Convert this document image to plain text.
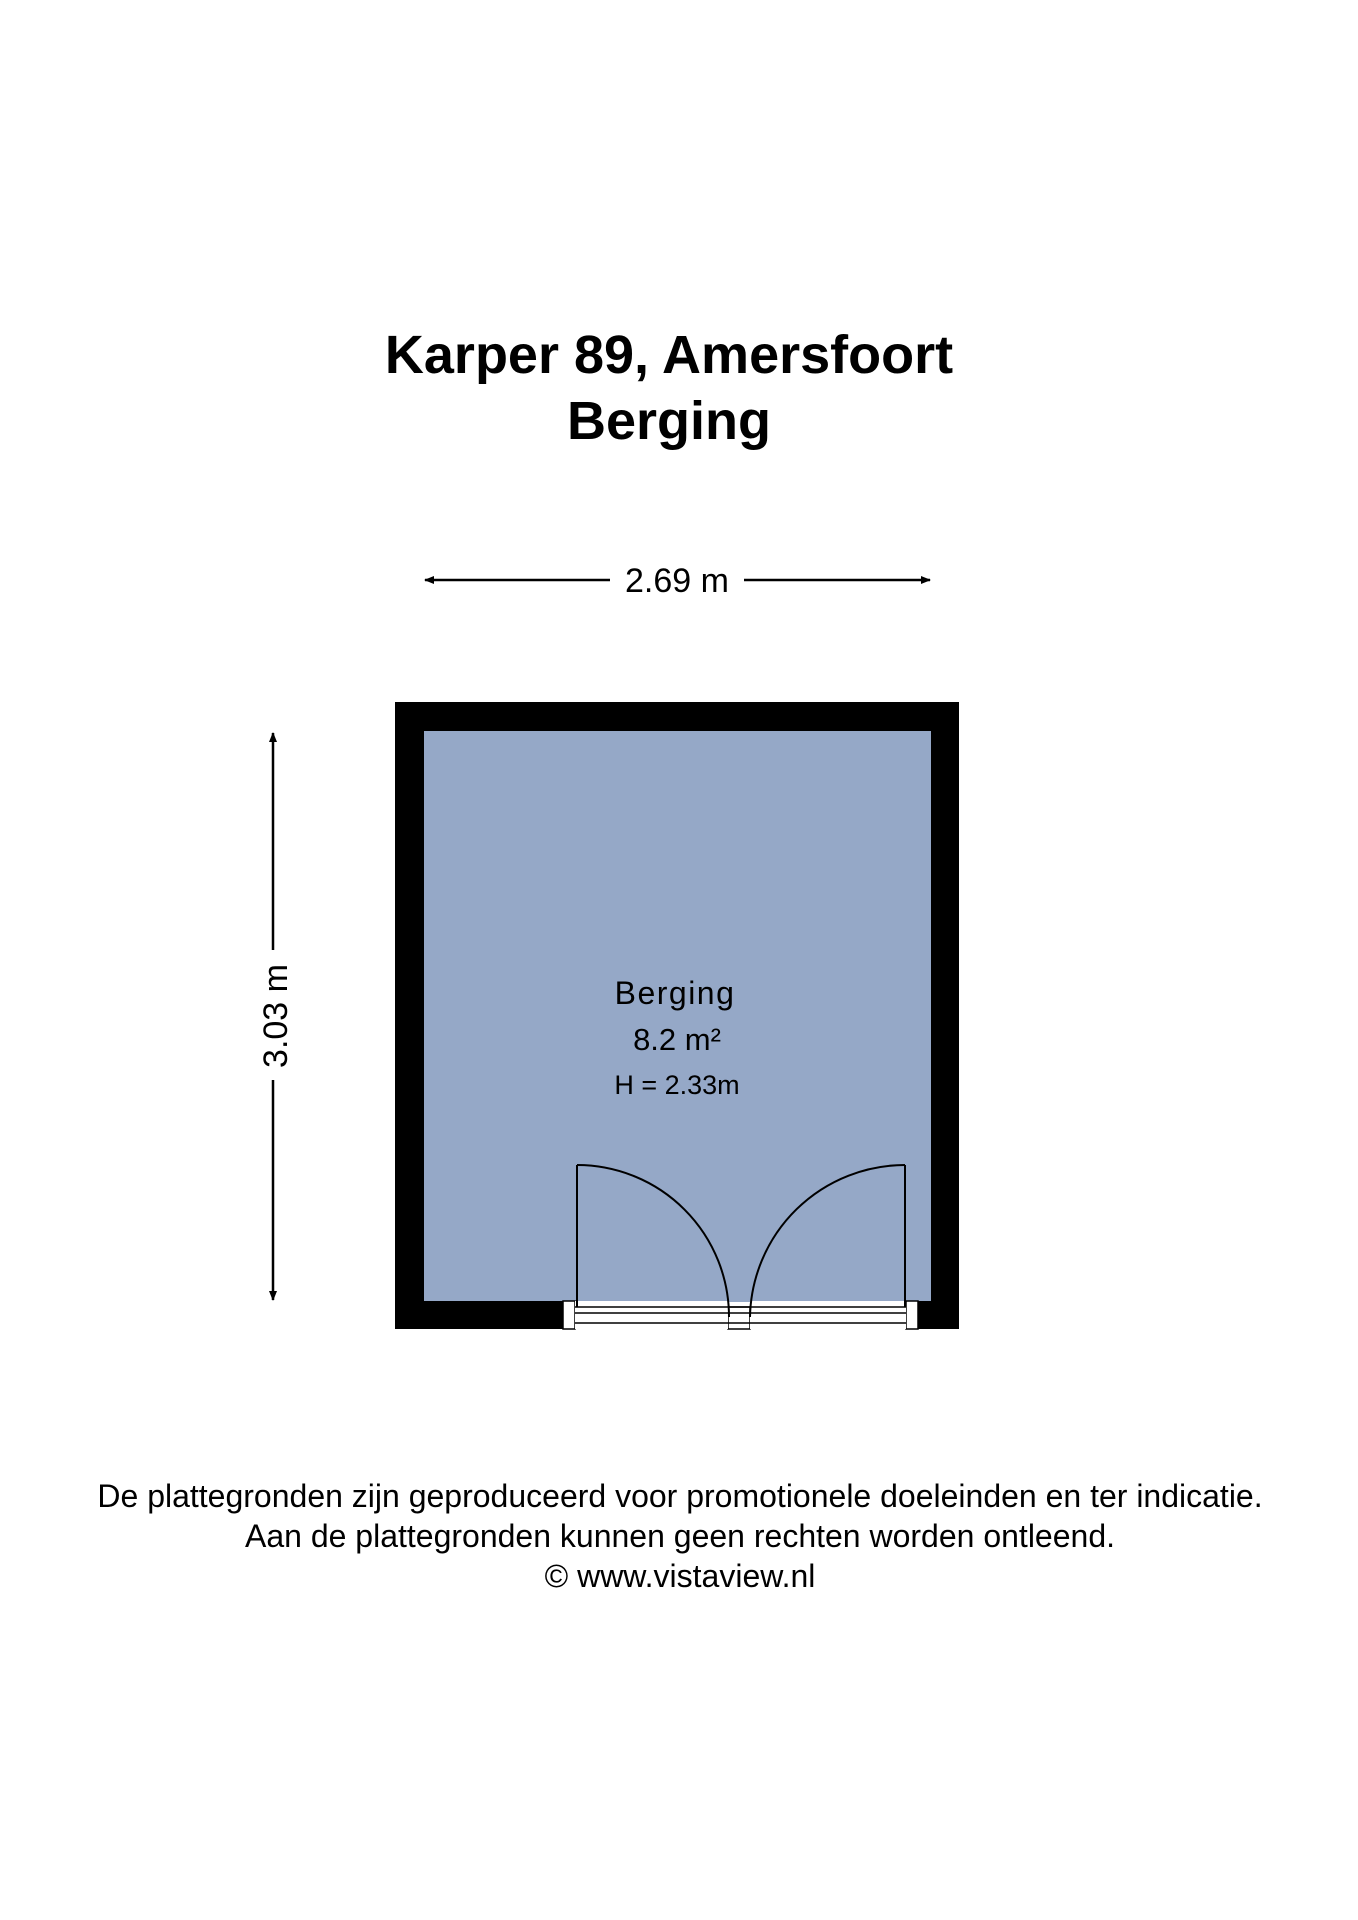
2.69 m
3.03 m	Berging
8.2 m²
H = 2.33m
Karper 89, Amersfoort
Berging
De plattegronden zijn geproduceerd voor promotionele doeleinden en ter indicatie.
Aan de plattegronden kunnen geen rechten worden ontleend.
© www.vistaview.nl
